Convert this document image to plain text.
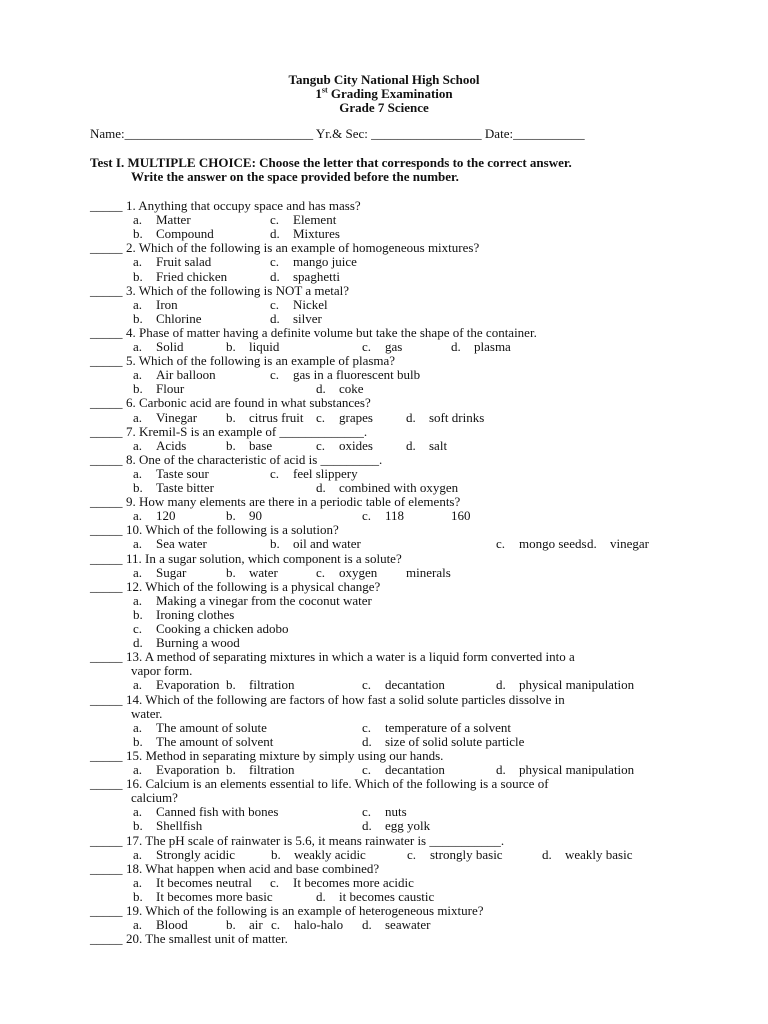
Tangub City National High School
1st Grading Examination
Grade 7 Science
Name:_____________________________ Yr.& Sec: _________________ Date:___________
Test I. MULTIPLE CHOICE: Choose the letter that corresponds to the correct answer.
Write the answer on the space provided before the number.
_____ 1. Anything that occupy space and has mass?
a. Matter	c. Element
b. Compound	d. Mixtures
_____ 2. Which of the following is an example of homogeneous mixtures?
a. Fruit salad	c. mango juice
b. Fried chicken	d. spaghetti
_____ 3. Which of the following is NOT a metal?
a. Iron	c. Nickel
b. Chlorine	d. silver
_____ 4. Phase of matter having a definite volume but take the shape of the container.
a. Solid	b. liquid	c. gas	d. plasma
_____ 5. Which of the following is an example of plasma?
a. Air balloon	c. gas in a fluorescent bulb
b. Flour	d. coke
_____ 6. Carbonic acid are found in what substances?
a. Vinegar b. citrus fruit c. grapes	d. soft drinks
_____ 7. Kremil-S is an example of _____________.
a. Acids	b. base	c. oxides	d. salt
_____ 8. One of the characteristic of acid is _________.
a. Taste sour	c. feel slippery
b. Taste bitter	d. combined with oxygen
_____ 9. How many elements are there in a periodic table of elements?
a. 120	b. 90	c. 118	160
_____ 10. Which of the following is a solution?
a. Sea water	b. oil and water	c. mongo seeds d. vinegar
_____ 11. In a sugar solution, which component is a solute?
a. Sugar	b. water	c. oxygen minerals
_____ 12. Which of the following is a physical change?
a. Making a vinegar from the coconut water
b. Ironing clothes
c. Cooking a chicken adobo
d. Burning a wood
_____ 13. A method of separating mixtures in which a water is a liquid form converted into a
vapor form.
a. Evaporation b. filtration	c. decantation	d. physical manipulation
_____ 14. Which of the following are factors of how fast a solid solute particles dissolve in
water.
a. The amount of solute	c. temperature of a solvent
b. The amount of solvent	d. size of solid solute particle
_____ 15. Method in separating mixture by simply using our hands.
a. Evaporation b. filtration	c. decantation	d. physical manipulation
_____ 16. Calcium is an elements essential to life. Which of the following is a source of
calcium?
a. Canned fish with bones	c. nuts
b. Shellfish	d. egg yolk
_____ 17. The pH scale of rainwater is 5.6, it means rainwater is ___________.
a. Strongly acidic	b. weakly acidic	c. strongly basic	d. weakly basic
_____ 18. What happen when acid and base combined?
a. It becomes neutral c. It becomes more acidic
b. It becomes more basic	d. it becomes caustic
_____ 19. Which of the following is an example of heterogeneous mixture?
a. Blood	b. air c. halo-halo d. seawater
_____ 20. The smallest unit of matter.
